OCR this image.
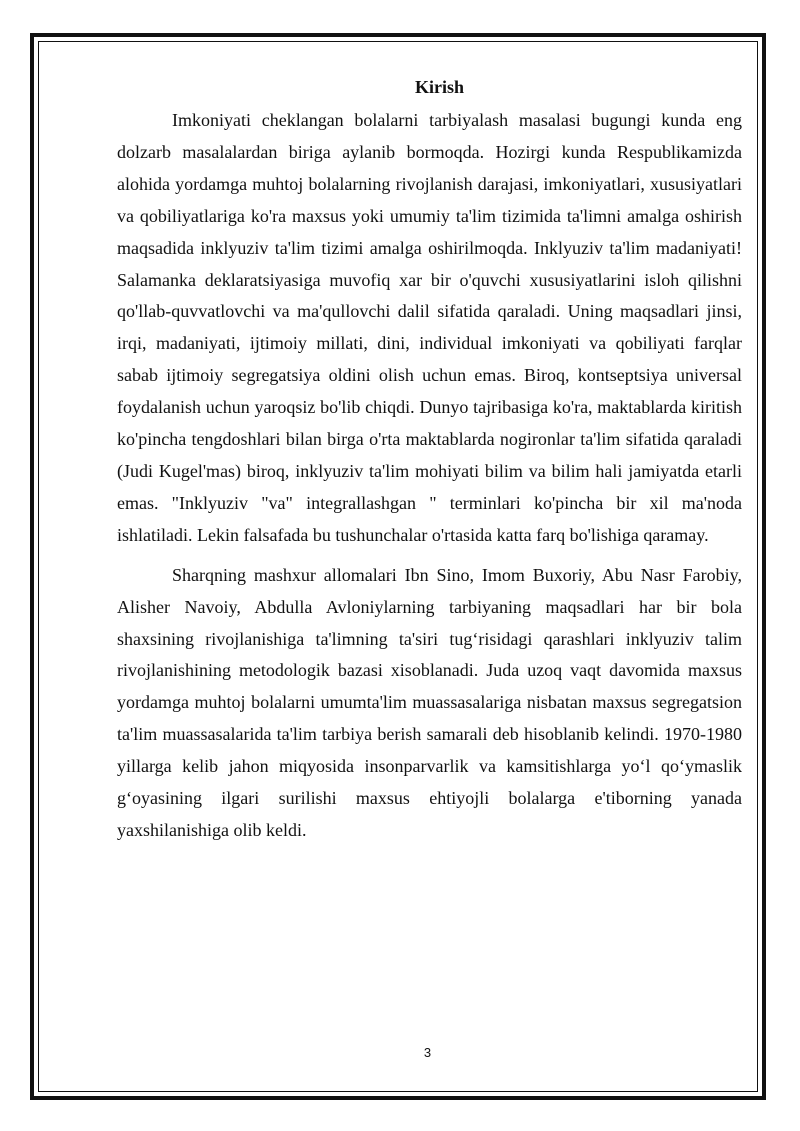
Kirish

Imkoniyati cheklangan bolalarni tarbiyalash masalasi bugungi kunda eng dolzarb masalalardan biriga aylanib bormoqda. Hozirgi kunda Respublikamizda alohida yordamga muhtoj bolalarning rivojlanish darajasi, imkoniyatlari, xususiyatlari va qobiliyatlariga ko'ra maxsus yoki umumiy ta'lim tizimida ta'limni amalga oshirish maqsadida inklyuziv ta'lim tizimi amalga oshirilmoqda. Inklyuziv ta'lim madaniyati! Salamanka deklaratsiyasiga muvofiq xar bir o'quvchi xususiyatlarini isloh qilishni qo'llab-quvvatlovchi va ma'qullovchi dalil sifatida qaraladi. Uning maqsadlari jinsi, irqi, madaniyati, ijtimoiy millati, dini, individual imkoniyati va qobiliyati farqlar sabab ijtimoiy segregatsiya oldini olish uchun emas. Biroq, kontseptsiya universal foydalanish uchun yaroqsiz bo'lib chiqdi. Dunyo tajribasiga ko'ra, maktablarda kiritish ko'pincha tengdoshlari bilan birga o'rta maktablarda nogironlar ta'lim sifatida qaraladi (Judi Kugel'mas) biroq, inklyuziv ta'lim mohiyati bilim va bilim hali jamiyatda etarli emas. "Inklyuziv "va" integrallashgan " terminlari ko'pincha bir xil ma'noda ishlatiladi. Lekin falsafada bu tushunchalar o'rtasida katta farq bo'lishiga qaramay.

Sharqning mashxur allomalari Ibn Sino, Imom Buxoriy, Abu Nasr Farobiy, Alisher Navoiy, Abdulla Avloniylarning tarbiyaning maqsadlari har bir bola shaxsining rivojlanishiga ta'limning ta'siri tug‘risidagi qarashlari inklyuziv talim rivojlanishining metodologik bazasi xisoblanadi. Juda uzoq vaqt davomida maxsus yordamga muhtoj bolalarni umumta'lim muassasalariga nisbatan maxsus segregatsion ta'lim muassasalarida ta'lim tarbiya berish samarali deb hisoblanib kelindi. 1970-1980 yillarga kelib jahon miqyosida insonparvarlik va kamsitishlarga yo‘l qo‘ymaslik g‘oyasining ilgari surilishi maxsus ehtiyojli bolalarga e'tiborning yanada yaxshilanishiga olib keldi.

3
